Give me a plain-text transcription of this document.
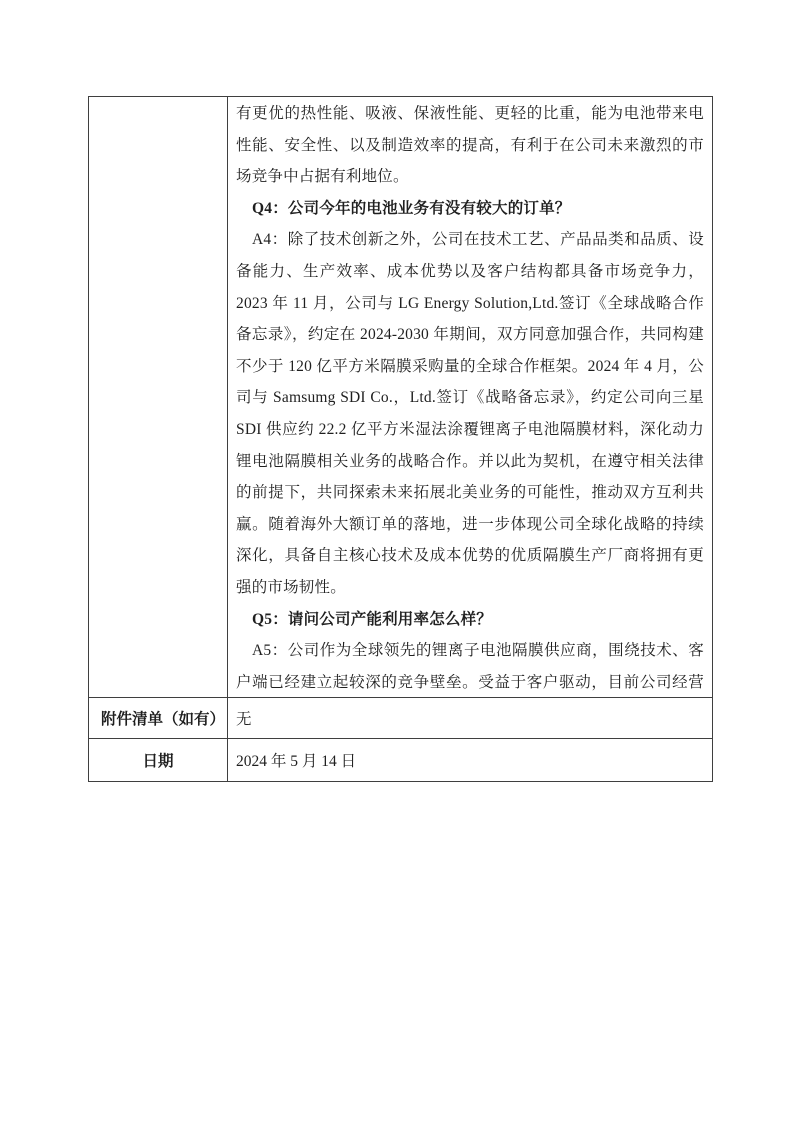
有更优的热性能、吸液、保液性能、更轻的比重，能为电池带来电性能、安全性、以及制造效率的提高，有利于在公司未来激烈的市场竞争中占据有利地位。

Q4：公司今年的电池业务有没有较大的订单？

A4：除了技术创新之外，公司在技术工艺、产品品类和品质、设备能力、生产效率、成本优势以及客户结构都具备市场竞争力，2023 年 11 月，公司与 LG Energy Solution,Ltd.签订《全球战略合作备忘录》，约定在 2024-2030 年期间，双方同意加强合作，共同构建不少于 120 亿平方米隔膜采购量的全球合作框架。2024 年 4 月，公司与 Samsumg SDI Co.，Ltd.签订《战略备忘录》，约定公司向三星 SDI 供应约 22.2 亿平方米湿法涂覆锂离子电池隔膜材料，深化动力锂电池隔膜相关业务的战略合作。并以此为契机，在遵守相关法律的前提下，共同探索未来拓展北美业务的可能性，推动双方互利共赢。随着海外大额订单的落地，进一步体现公司全球化战略的持续深化，具备自主核心技术及成本优势的优质隔膜生产厂商将拥有更强的市场韧性。

Q5：请问公司产能利用率怎么样？

A5：公司作为全球领先的锂离子电池隔膜供应商，围绕技术、客户端已经建立起较深的竞争壁垒。受益于客户驱动，目前公司经营

附件清单（如有） 无
日期	2024 年 5 月 14 日
